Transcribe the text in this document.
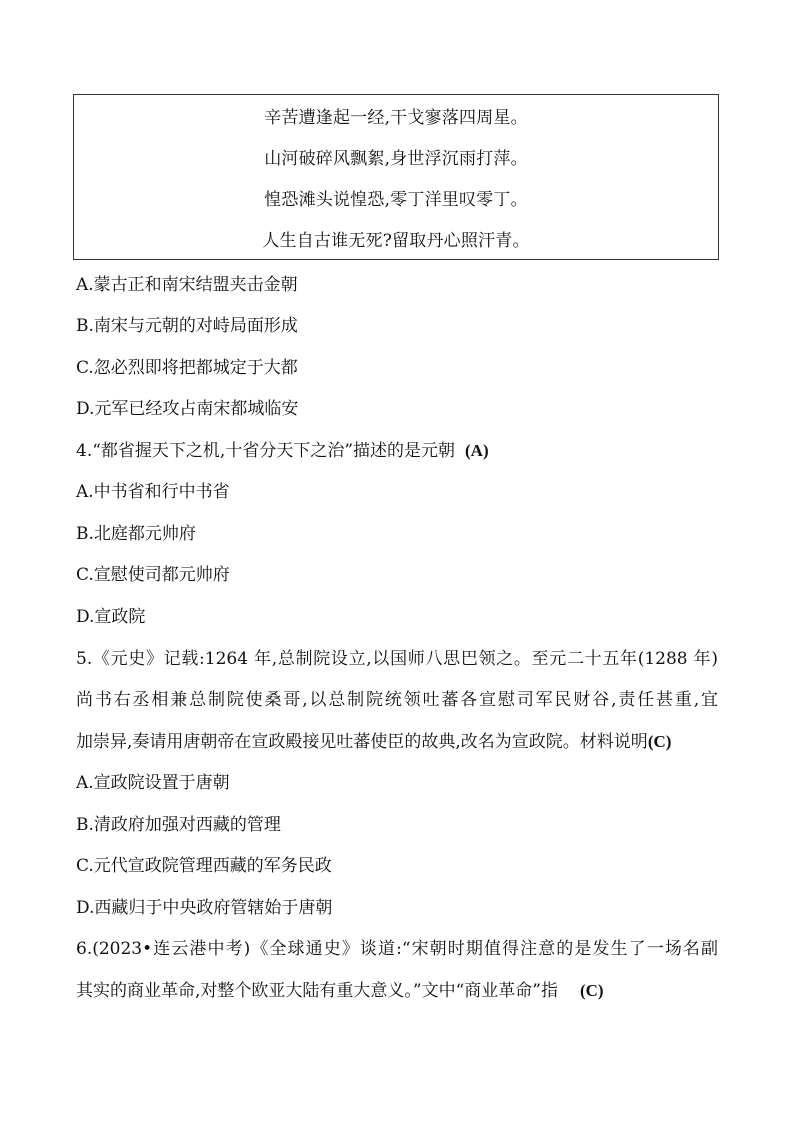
辛苦遭逢起一经,干戈寥落四周星。
山河破碎风飘絮,身世浮沉雨打萍。
惶恐滩头说惶恐,零丁洋里叹零丁。
人生自古谁无死?留取丹心照汗青。
A.蒙古正和南宋结盟夹击金朝
B.南宋与元朝的对峙局面形成
C.忽必烈即将把都城定于大都
D.元军已经攻占南宋都城临安
4.“都省握天下之机,十省分天下之治”描述的是元朝 (A)
A.中书省和行中书省
B.北庭都元帅府
C.宣慰使司都元帅府
D.宣政院
5.《元史》记载:1264 年,总制院设立,以国师八思巴领之。至元二十五年(1288 年)
尚书右丞相兼总制院使桑哥,以总制院统领吐蕃各宣慰司军民财谷,责任甚重,宜
加崇异,奏请用唐朝帝在宣政殿接见吐蕃使臣的故典,改名为宣政院。材料说明(C)
A.宣政院设置于唐朝
B.清政府加强对西藏的管理
C.元代宣政院管理西藏的军务民政
D.西藏归于中央政府管辖始于唐朝
6.(2023•连云港中考)《全球通史》谈道:“宋朝时期值得注意的是发生了一场名副
其实的商业革命,对整个欧亚大陆有重大意义。”文中“商业革命”指 (C)
